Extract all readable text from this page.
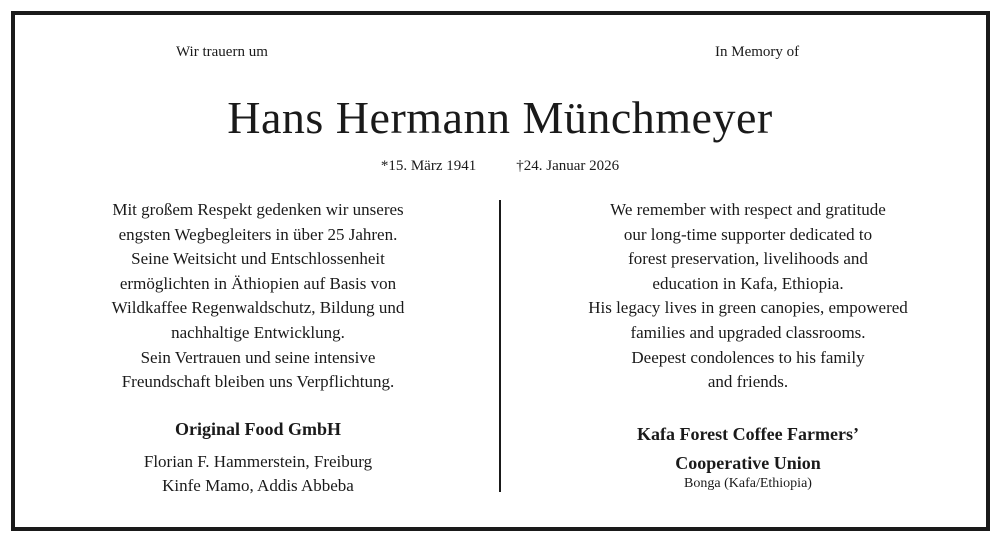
Wir trauern um	In Memory of
Hans Hermann Münchmeyer
*15. März 1941	†24. Januar 2026

Mit großem Respekt gedenken wir unseres

engsten Wegbegleiters in über 25 Jahren.

Seine Weitsicht und Entschlossenheit

ermöglichten in Äthiopien auf Basis von

Wildkaffee Regenwaldschutz, Bildung und

nachhaltige Entwicklung.

Sein Vertrauen und seine intensive

Freundschaft bleiben uns Verpflichtung.

We remember with respect and gratitude

our long-time supporter dedicated to

forest preservation, livelihoods and

education in Kafa, Ethiopia.

His legacy lives in green canopies, empowered

families and upgraded classrooms.

Deepest condolences to his family

and friends.

Original Food GmbH
Florian F. Hammerstein, Freiburg
Kinfe Mamo, Addis Abbeba
Kafa Forest Coffee Farmers’
Cooperative Union
Bonga (Kafa/Ethiopia)
